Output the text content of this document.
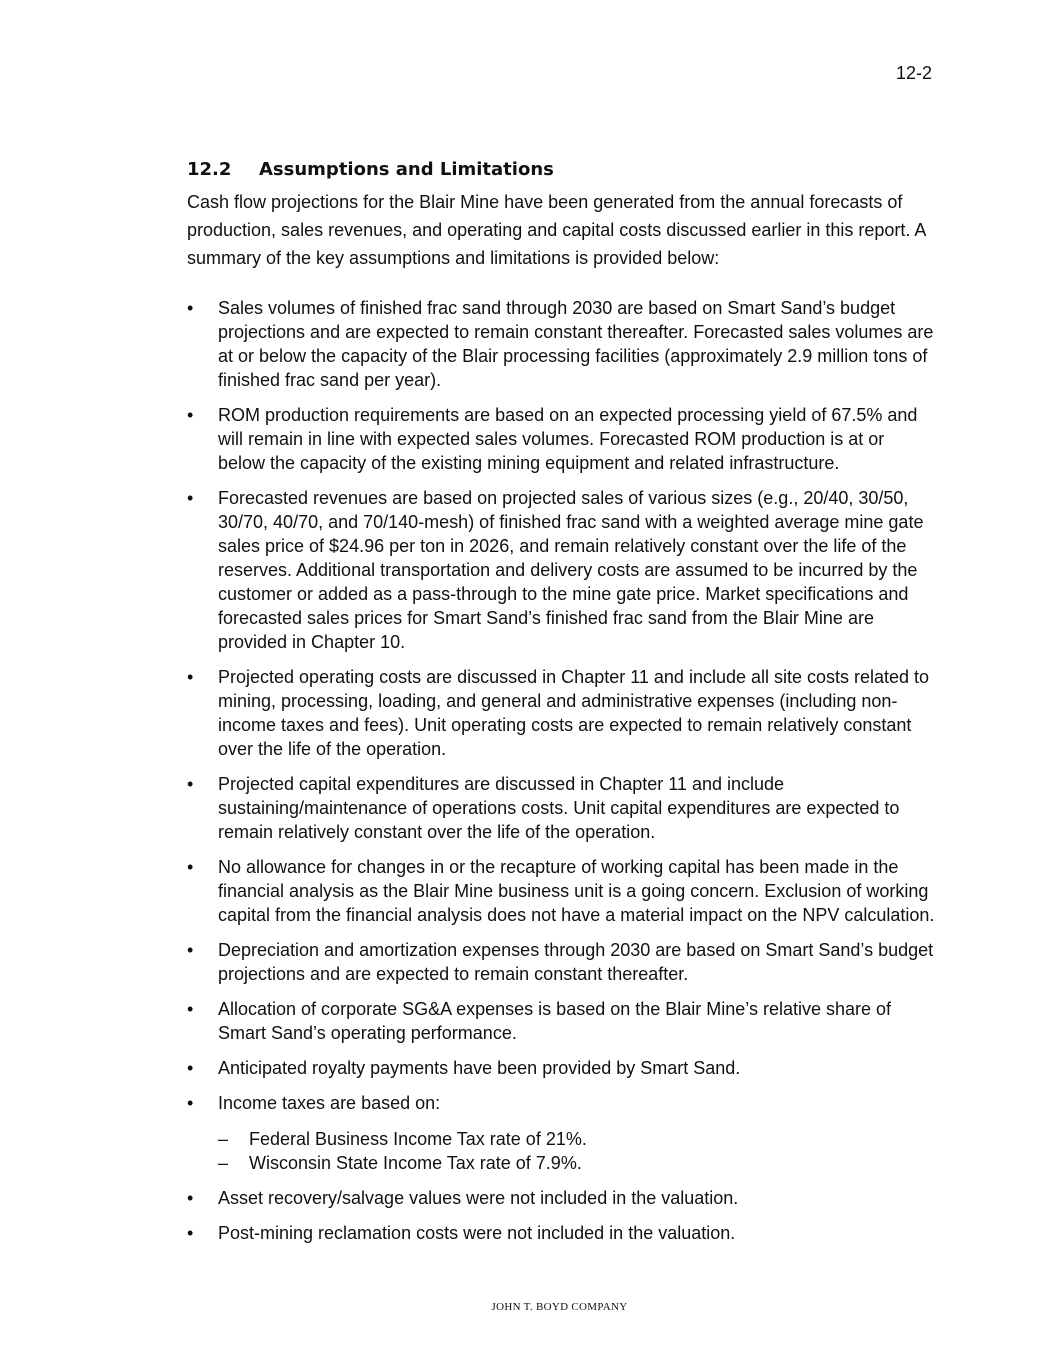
12-2
12.2	Assumptions and Limitations

Cash flow projections for the Blair Mine have been generated from the annual forecasts of production, sales revenues, and operating and capital costs discussed earlier in this report. A summary of the key assumptions and limitations is provided below:

•	Sales volumes of finished frac sand through 2030 are based on Smart Sand’s budget projections and are expected to remain constant thereafter. Forecasted sales volumes are at or below the capacity of the Blair processing facilities (approximately 2.9 million tons of finished frac sand per year).
•	ROM production requirements are based on an expected processing yield of 67.5% and will remain in line with expected sales volumes. Forecasted ROM production is at or below the capacity of the existing mining equipment and related infrastructure.
•	Forecasted revenues are based on projected sales of various sizes (e.g., 20/40, 30/50, 30/70, 40/70, and 70/140-mesh) of finished frac sand with a weighted average mine gate sales price of $24.96 per ton in 2026, and remain relatively constant over the life of the reserves. Additional transportation and delivery costs are assumed to be incurred by the customer or added as a pass-through to the mine gate price. Market specifications and forecasted sales prices for Smart Sand’s finished frac sand from the Blair Mine are provided in Chapter 10.
•	Projected operating costs are discussed in Chapter 11 and include all site costs related to mining, processing, loading, and general and administrative expenses (including non-income taxes and fees). Unit operating costs are expected to remain relatively constant over the life of the operation.
•	Projected capital expenditures are discussed in Chapter 11 and include sustaining/maintenance of operations costs. Unit capital expenditures are expected to remain relatively constant over the life of the operation.
•	No allowance for changes in or the recapture of working capital has been made in the financial analysis as the Blair Mine business unit is a going concern. Exclusion of working capital from the financial analysis does not have a material impact on the NPV calculation.
•	Depreciation and amortization expenses through 2030 are based on Smart Sand’s budget projections and are expected to remain constant thereafter.
•	Allocation of corporate SG&A expenses is based on the Blair Mine’s relative share of Smart Sand’s operating performance.
•	Anticipated royalty payments have been provided by Smart Sand.
•	Income taxes are based on:
– Federal Business Income Tax rate of 21%.
– Wisconsin State Income Tax rate of 7.9%.
•	Asset recovery/salvage values were not included in the valuation.
•	Post-mining reclamation costs were not included in the valuation.
JOHN T. BOYD COMPANY
